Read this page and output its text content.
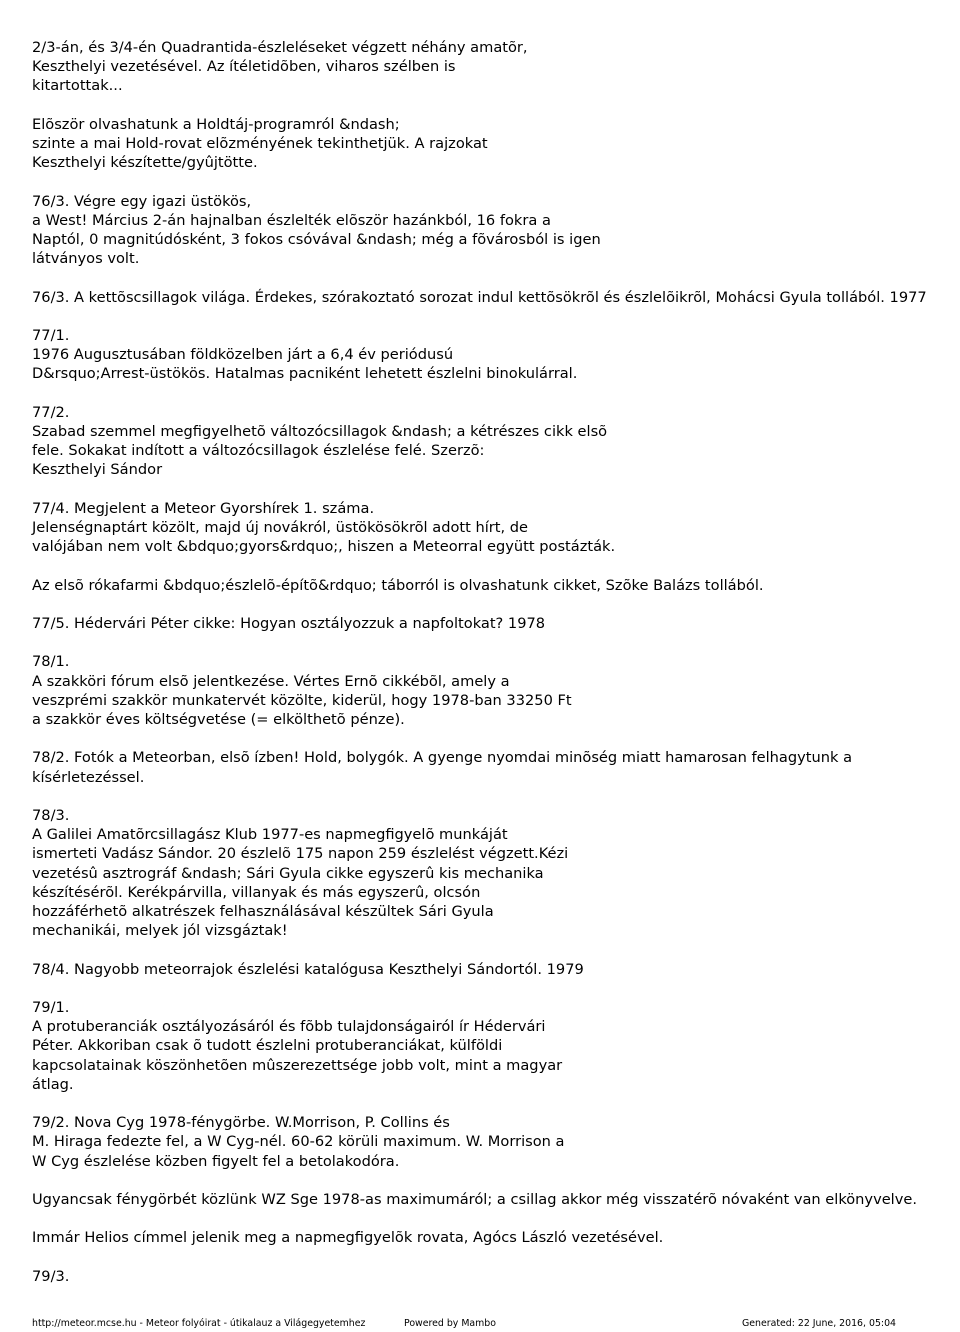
2/3-án, és 3/4-én Quadrantida-észleléseket végzett néhány amatõr,
Keszthelyi vezetésével. Az ítéletidõben, viharos szélben is
kitartottak...

Elõször olvashatunk a Holdtáj-programról &ndash;
szinte a mai Hold-rovat elõzményének tekinthetjük. A rajzokat
Keszthelyi készítette/gyûjtötte.

76/3. Végre egy igazi üstökös,
a West! Március 2-án hajnalban észlelték elõször hazánkból, 16 fokra a
Naptól, 0 magnitúdósként, 3 fokos csóvával &ndash; még a fõvárosból is igen
látványos volt.

76/3. A kettõscsillagok világa. Érdekes, szórakoztató sorozat indul kettõsökrõl és észlelõikrõl, Mohácsi Gyula tollából. 1977

77/1.
1976 Augusztusában földközelben járt a 6,4 év periódusú
D&rsquo;Arrest-üstökös. Hatalmas pacniként lehetett észlelni binokulárral.

77/2.
Szabad szemmel megfigyelhetõ változócsillagok &ndash; a kétrészes cikk elsõ
fele. Sokakat indított a változócsillagok észlelése felé. Szerzõ:
Keszthelyi Sándor

77/4. Megjelent a Meteor Gyorshírek 1. száma.
Jelenségnaptárt közölt, majd új novákról, üstökösökrõl adott hírt, de
valójában nem volt &bdquo;gyors&rdquo;, hiszen a Meteorral együtt postázták.

Az elsõ rókafarmi &bdquo;észlelõ-építõ&rdquo; táborról is olvashatunk cikket, Szõke Balázs tollából.

77/5. Hédervári Péter cikke: Hogyan osztályozzuk a napfoltokat? 1978

78/1.
A szakköri fórum elsõ jelentkezése. Vértes Ernõ cikkébõl, amely a
veszprémi szakkör munkatervét közölte, kiderül, hogy 1978-ban 33250 Ft
a szakkör éves költségvetése (= elkölthetõ pénze).

78/2. Fotók a Meteorban, elsõ ízben! Hold, bolygók. A gyenge nyomdai minõség miatt hamarosan felhagytunk a
kísérletezéssel.

78/3.
A Galilei Amatõrcsillagász Klub 1977-es napmegfigyelõ munkáját
ismerteti Vadász Sándor. 20 észlelõ 175 napon 259 észlelést végzett.Kézi
vezetésû asztrográf &ndash; Sári Gyula cikke egyszerû kis mechanika
készítésérõl. Kerékpárvilla, villanyak és más egyszerû, olcsón
hozzáférhetõ alkatrészek felhasználásával készültek Sári Gyula
mechanikái, melyek jól vizsgáztak!

78/4. Nagyobb meteorrajok észlelési katalógusa Keszthelyi Sándortól. 1979

79/1.
A protuberanciák osztályozásáról és fõbb tulajdonságairól ír Hédervári
Péter. Akkoriban csak õ tudott észlelni protuberanciákat, külföldi
kapcsolatainak köszönhetõen mûszerezettsége jobb volt, mint a magyar
átlag.

79/2. Nova Cyg 1978-fénygörbe. W.Morrison, P. Collins és
M. Hiraga fedezte fel, a W Cyg-nél. 60-62 körüli maximum. W. Morrison a
W Cyg észlelése közben figyelt fel a betolakodóra.

Ugyancsak fénygörbét közlünk WZ Sge 1978-as maximumáról; a csillag akkor még visszatérõ nóvaként van elkönyvelve.

Immár Helios címmel jelenik meg a napmegfigyelõk rovata, Agócs László vezetésével.

79/3.

http://meteor.mcse.hu - Meteor folyóirat - útikalauz a Világegyetemhez	Powered by Mambo	Generated: 22 June, 2016, 05:04
